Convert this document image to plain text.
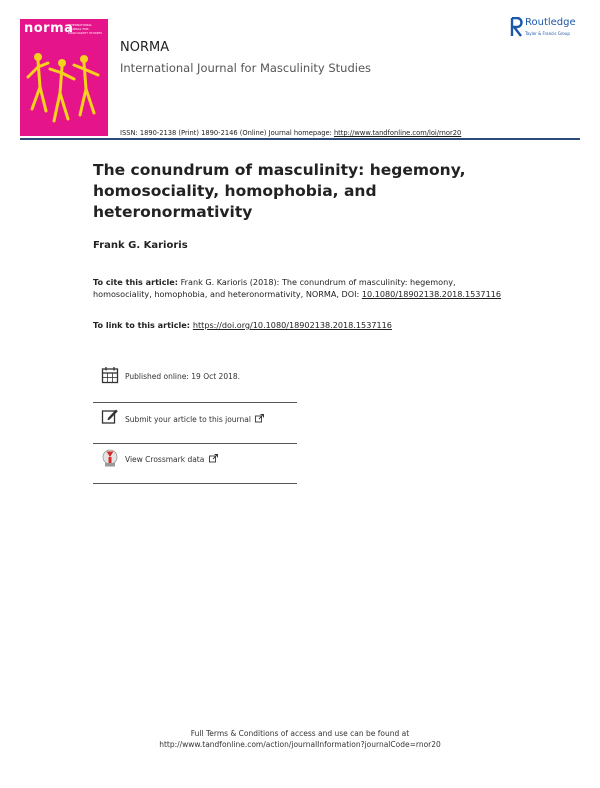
norma
INTERNATIONAL JOURNAL FOR MASCULINITY STUDIES
NORMA
International Journal for Masculinity Studies
Routledge
Taylor & Francis Group
ISSN: 1890-2138 (Print) 1890-2146 (Online) Journal homepage: http://www.tandfonline.com/loi/rnor20
The conundrum of masculinity: hegemony, homosociality, homophobia, and heteronormativity
Frank G. Karioris
To cite this article: Frank G. Karioris (2018): The conundrum of masculinity: hegemony, homosociality, homophobia, and heteronormativity, NORMA, DOI: 10.1080/18902138.2018.1537116
To link to this article: https://doi.org/10.1080/18902138.2018.1537116
Published online: 19 Oct 2018.
Submit your article to this journal
View Crossmark data
Full Terms & Conditions of access and use can be found at
http://www.tandfonline.com/action/journalInformation?journalCode=rnor20
